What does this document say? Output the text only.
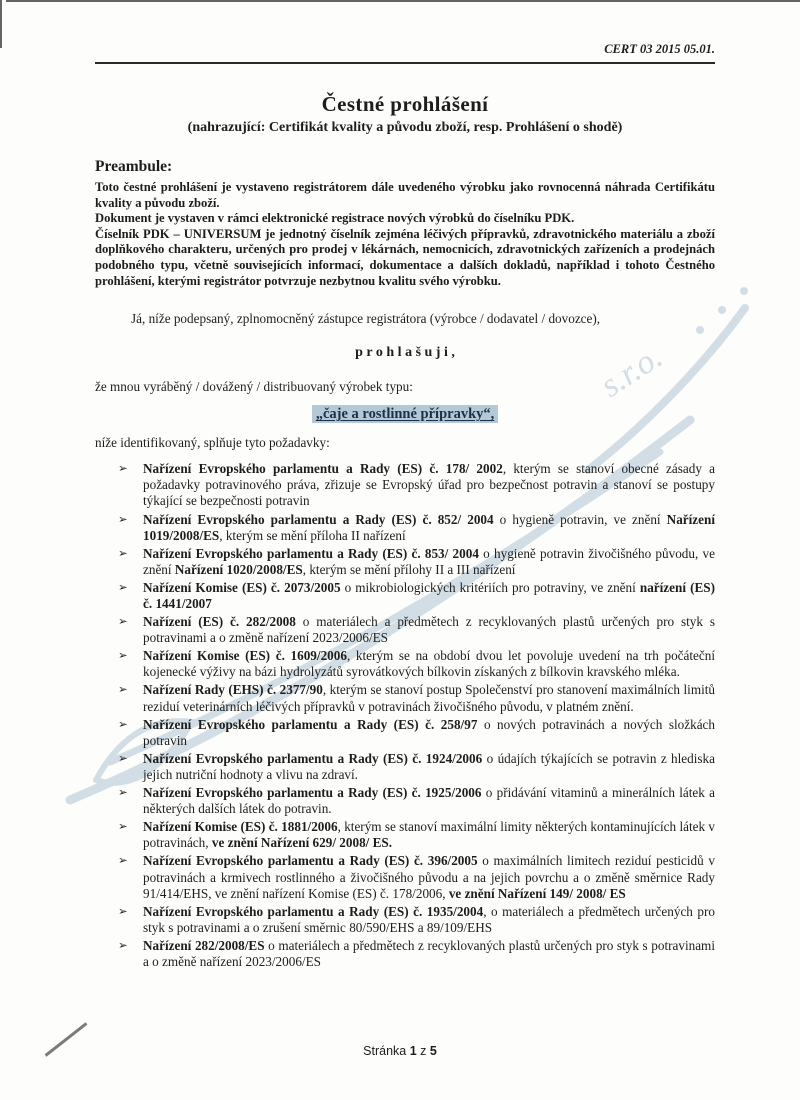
s.r.o.
CERT 03 2015 05.01.
Čestné prohlášení
(nahrazující: Certifikát kvality a původu zboží, resp. Prohlášení o shodě)
Preambule:

Toto čestné prohlášení je vystaveno registrátorem dále uvedeného výrobku jako rovnocenná náhrada Certifikátu kvality a původu zboží.

Dokument je vystaven v rámci elektronické registrace nových výrobků do číselníku PDK.

Číselník PDK – UNIVERSUM je jednotný číselník zejména léčivých přípravků, zdravotnického materiálu a zboží doplňkového charakteru, určených pro prodej v lékárnách, nemocnicích, zdravotnických zařízeních a prodejnách podobného typu, včetně souvisejících informací, dokumentace a dalších dokladů, například i tohoto Čestného prohlášení, kterými registrátor potvrzuje nezbytnou kvalitu svého výrobku.

Já, níže podepsaný, zplnomocněný zástupce registrátora (výrobce / dodavatel / dovozce),

p r o h l a š u j i ,

že mnou vyráběný / dovážený / distribuovaný výrobek typu:

„čaje a rostlinné přípravky“,

níže identifikovaný, splňuje tyto požadavky:

➢ Nařízení Evropského parlamentu a Rady (ES) č. 178/ 2002, kterým se stanoví obecné zásady a požadavky potravinového práva, zřizuje se Evropský úřad pro bezpečnost potravin a stanoví se postupy týkající se bezpečnosti potravin
➢ Nařízení Evropského parlamentu a Rady (ES) č. 852/ 2004 o hygieně potravin, ve znění Nařízení 1019/2008/ES, kterým se mění příloha II nařízení
➢ Nařízení Evropského parlamentu a Rady (ES) č. 853/ 2004 o hygieně potravin živočišného původu, ve znění Nařízení 1020/2008/ES, kterým se mění přílohy II a III nařízení
➢ Nařízení Komise (ES) č. 2073/2005 o mikrobiologických kritériích pro potraviny, ve znění nařízení (ES) č. 1441/2007
➢ Nařízení (ES) č. 282/2008 o materiálech a předmětech z recyklovaných plastů určených pro styk s potravinami a o změně nařízení 2023/2006/ES
➢ Nařízení Komise (ES) č. 1609/2006, kterým se na období dvou let povoluje uvedení na trh počáteční kojenecké výživy na bázi hydrolyzátů syrovátkových bílkovin získaných z bílkovin kravského mléka.
➢ Nařízení Rady (EHS) č. 2377/90, kterým se stanoví postup Společenství pro stanovení maximálních limitů reziduí veterinárních léčivých přípravků v potravinách živočišného původu, v platném znění.
➢ Nařízení Evropského parlamentu a Rady (ES) č. 258/97 o nových potravinách a nových složkách potravin
➢ Nařízení Evropského parlamentu a Rady (ES) č. 1924/2006 o údajích týkajících se potravin z hlediska jejich nutriční hodnoty a vlivu na zdraví.
➢ Nařízení Evropského parlamentu a Rady (ES) č. 1925/2006 o přidávání vitaminů a minerálních látek a některých dalších látek do potravin.
➢ Nařízení Komise (ES) č. 1881/2006, kterým se stanoví maximální limity některých kontaminujících látek v potravinách, ve znění Nařízení 629/ 2008/ ES.
➢ Nařízení Evropského parlamentu a Rady (ES) č. 396/2005 o maximálních limitech reziduí pesticidů v potravinách a krmivech rostlinného a živočišného původu a na jejich povrchu a o změně směrnice Rady 91/414/EHS, ve znění nařízení Komise (ES) č. 178/2006, ve znění Nařízení 149/ 2008/ ES
➢ Nařízení Evropského parlamentu a Rady (ES) č. 1935/2004, o materiálech a předmětech určených pro styk s potravinami a o zrušení směrnic 80/590/EHS a 89/109/EHS
➢ Nařízení 282/2008/ES o materiálech a předmětech z recyklovaných plastů určených pro styk s potravinami a o změně nařízení 2023/2006/ES
Stránka 1 z 5
